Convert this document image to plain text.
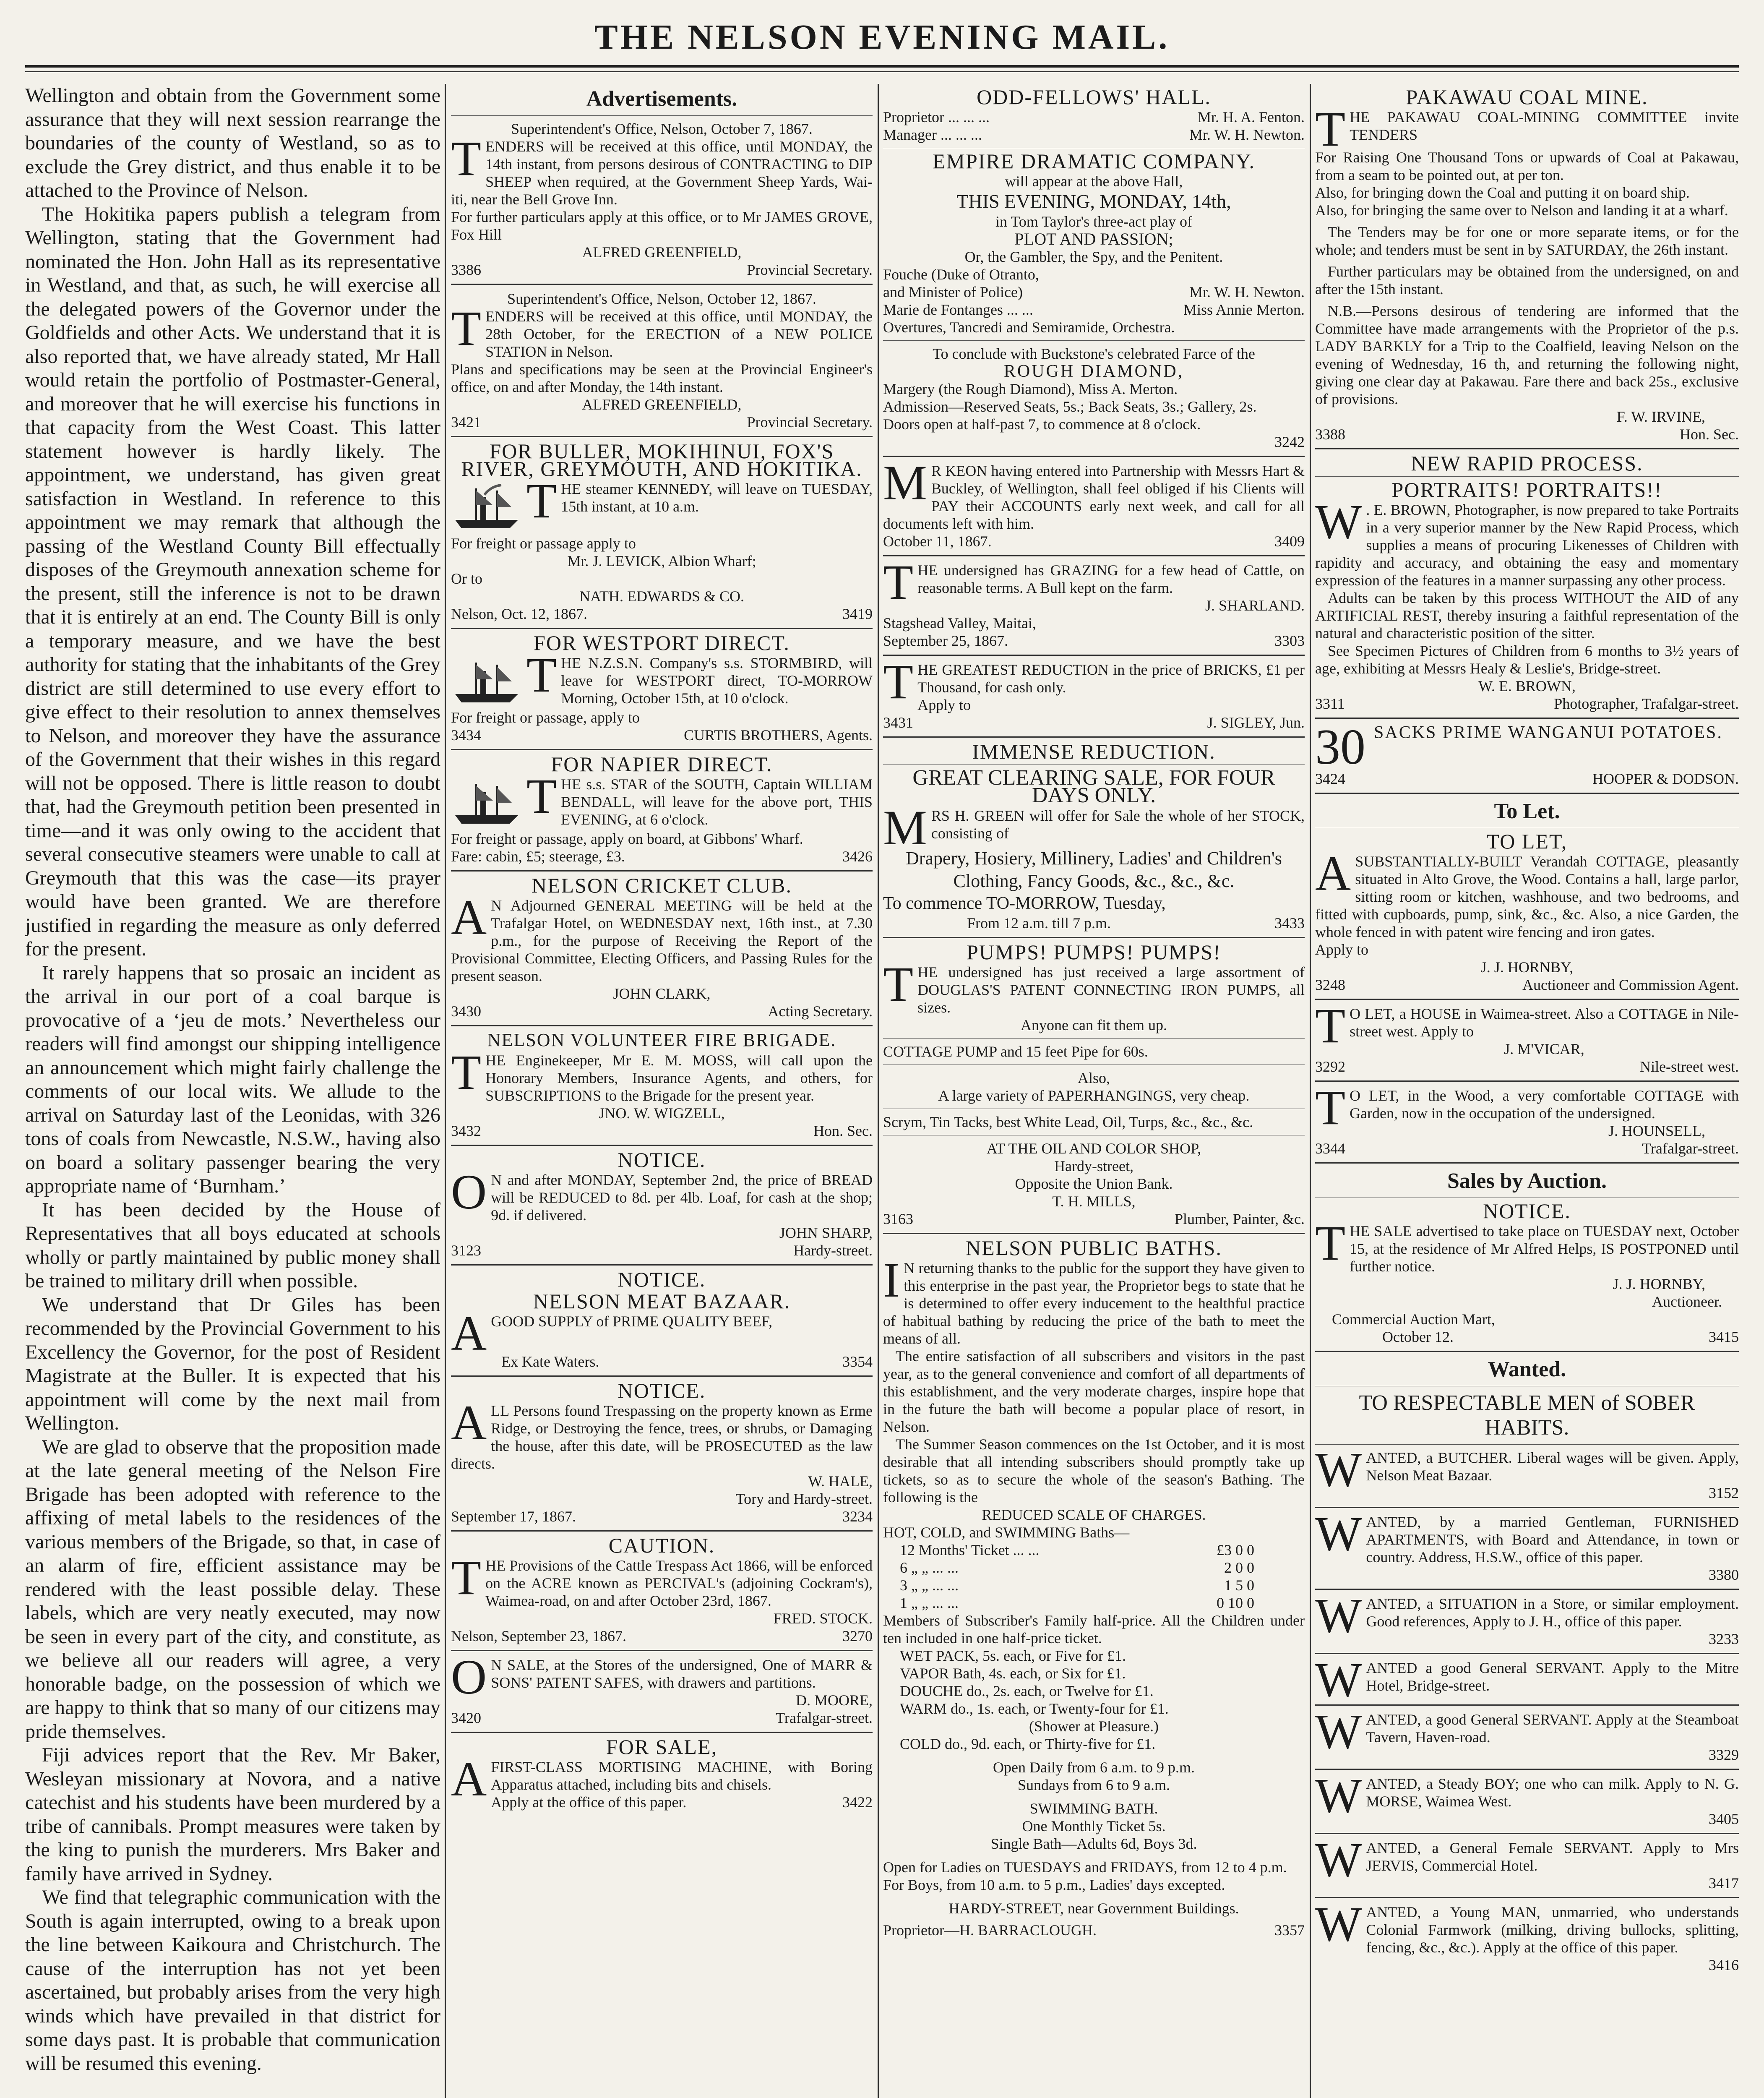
THE NELSON EVENING MAIL.

Wellington and obtain from the Government some assurance that they will next session rearrange the boundaries of the county of Westland, so as to exclude the Grey district, and thus enable it to be attached to the Province of Nelson.

The Hokitika papers publish a telegram from Wellington, stating that the Government had nominated the Hon. John Hall as its representative in Westland, and that, as such, he will exercise all the delegated powers of the Governor under the Goldfields and other Acts. We understand that it is also reported that, we have already stated, Mr Hall would retain the portfolio of Postmaster-General, and moreover that he will exercise his functions in that capacity from the West Coast. This latter statement however is hardly likely. The appointment, we understand, has given great satisfaction in Westland. In reference to this appointment we may remark that although the passing of the Westland County Bill effectually disposes of the Greymouth annexation scheme for the present, still the inference is not to be drawn that it is entirely at an end. The County Bill is only a temporary measure, and we have the best authority for stating that the inhabitants of the Grey district are still determined to use every effort to give effect to their resolution to annex themselves to Nelson, and moreover they have the assurance of the Government that their wishes in this regard will not be opposed. There is little reason to doubt that, had the Greymouth petition been presented in time—and it was only owing to the accident that several consecutive steamers were unable to call at Greymouth that this was the case—its prayer would have been granted. We are therefore justified in regarding the measure as only deferred for the present.

It rarely happens that so prosaic an incident as the arrival in our port of a coal barque is provocative of a ‘jeu de mots.’ Nevertheless our readers will find amongst our shipping intelligence an announcement which might fairly challenge the comments of our local wits. We allude to the arrival on Saturday last of the Leonidas, with 326 tons of coals from Newcastle, N.S.W., having also on board a solitary passenger bearing the very appropriate name of ‘Burnham.’

It has been decided by the House of Representatives that all boys educated at schools wholly or partly maintained by public money shall be trained to military drill when possible.

We understand that Dr Giles has been recommended by the Provincial Government to his Excellency the Governor, for the post of Resident Magistrate at the Buller. It is expected that his appointment will come by the next mail from Wellington.

We are glad to observe that the proposition made at the late general meeting of the Nelson Fire Brigade has been adopted with reference to the affixing of metal labels to the residences of the various members of the Brigade, so that, in case of an alarm of fire, efficient assistance may be rendered with the least possible delay. These labels, which are very neatly executed, may now be seen in every part of the city, and constitute, as we believe all our readers will agree, a very honorable badge, on the possession of which we are happy to think that so many of our citizens may pride themselves.

Fiji advices report that the Rev. Mr Baker, Wesleyan missionary at Novora, and a native catechist and his students have been murdered by a tribe of cannibals. Prompt measures were taken by the king to punish the murderers. Mrs Baker and family have arrived in Sydney.

We find that telegraphic communication with the South is again interrupted, owing to a break upon the line between Kaikoura and Christchurch. The cause of the interruption has not yet been ascertained, but probably arises from the very high winds which have prevailed in that district for some days past. It is probable that communication will be resumed this evening.

Advertisements.

Superintendent's Office, Nelson, October 7, 1867.

TENDERS will be received at this office, until MONDAY, the 14th instant, from persons desirous of CONTRACTING to DIP SHEEP when required, at the Government Sheep Yards, Wai-iti, near the Bell Grove Inn.

For further particulars apply at this office, or to Mr JAMES GROVE, Fox Hill

ALFRED GREENFIELD,

3386	Provincial Secretary.

Superintendent's Office, Nelson, October 12, 1867.

TENDERS will be received at this office, until MONDAY, the 28th October, for the ERECTION of a NEW POLICE STATION in Nelson.

Plans and specifications may be seen at the Provincial Engineer's office, on and after Monday, the 14th instant.

ALFRED GREENFIELD,

3421	Provincial Secretary.
FOR BULLER, MOKIHINUI, FOX'S RIVER, GREYMOUTH, AND HOKITIKA.

THE steamer KENNEDY, will leave on TUESDAY, 15th instant, at 10 a.m.

For freight or passage apply to

Mr. J. LEVICK, Albion Wharf;

Or to

NATH. EDWARDS & CO.

Nelson, Oct. 12, 1867.	3419
FOR WESTPORT DIRECT.

THE N.Z.S.N. Company's s.s. STORMBIRD, will leave for WESTPORT direct, TO-MORROW Morning, October 15th, at 10 o'clock.

For freight or passage, apply to

3434	CURTIS BROTHERS, Agents.
FOR NAPIER DIRECT.

THE s.s. STAR of the SOUTH, Captain WILLIAM BENDALL, will leave for the above port, THIS EVENING, at 6 o'clock.

For freight or passage, apply on board, at Gibbons' Wharf.

Fare: cabin, £5; steerage, £3.	3426
NELSON CRICKET CLUB.

A N Adjourned GENERAL MEETING will be held at the Trafalgar Hotel, on WEDNESDAY next, 16th inst., at 7.30 p.m., for the purpose of Receiving the Report of the Provisional Committee, Electing Officers, and Passing Rules for the present season.

JOHN CLARK,

3430	Acting Secretary.
NELSON VOLUNTEER FIRE BRIGADE.

THE Enginekeeper, Mr E. M. MOSS, will call upon the Honorary Members, Insurance Agents, and others, for SUBSCRIPTIONS to the Brigade for the present year.

JNO. W. WIGZELL,

3432	Hon. Sec.
NOTICE.

O N and after MONDAY, September 2nd, the price of BREAD will be REDUCED to 8d. per 4lb. Loaf, for cash at the shop; 9d. if delivered.

JOHN SHARP,

3123	Hardy-street.
NOTICE.
NELSON MEAT BAZAAR.

AGOOD SUPPLY of PRIME QUALITY BEEF,

Ex Kate Waters.	3354
NOTICE.

ALL Persons found Trespassing on the property known as Erme Ridge, or Destroying the fence, trees, or shrubs, or Damaging the house, after this date, will be PROSECUTED as the law directs.

W. HALE,

Tory and Hardy-street.

September 17, 1867.	3234
CAUTION.

THE Provisions of the Cattle Trespass Act 1866, will be enforced on the ACRE known as PERCIVAL's (adjoining Cockram's), Waimea-road, on and after October 23rd, 1867.

FRED. STOCK.

Nelson, September 23, 1867.	3270

O N SALE, at the Stores of the undersigned, One of MARR & SONS' PATENT SAFES, with drawers and partitions.

D. MOORE,

3420	Trafalgar-street.
FOR SALE,

AFIRST-CLASS MORTISING MACHINE, with Boring Apparatus attached, including bits and chisels.

Apply at the office of this paper.	3422
ODD-FELLOWS' HALL.
Proprietor ... ... ...	Mr. H. A. Fenton.
Manager ... ... ...	Mr. W. H. Newton.
EMPIRE DRAMATIC COMPANY.

will appear at the above Hall,

THIS EVENING, MONDAY, 14th,

in Tom Taylor's three-act play of

PLOT AND PASSION;

Or, the Gambler, the Spy, and the Penitent.

Fouche (Duke of Otranto,
and Minister of Police)	Mr. W. H. Newton.
Marie de Fontanges ... ...	Miss Annie Merton.

Overtures, Tancredi and Semiramide, Orchestra.

To conclude with Buckstone's celebrated Farce of the

ROUGH DIAMOND,

Margery (the Rough Diamond), Miss A. Merton.

Admission—Reserved Seats, 5s.; Back Seats, 3s.; Gallery, 2s.

Doors open at half-past 7, to commence at 8 o'clock.

3242

M R KEON having entered into Partnership with Messrs Hart & Buckley, of Wellington, shall feel obliged if his Clients will PAY their ACCOUNTS early next week, and call for all documents left with him.

October 11, 1867.	3409

THE undersigned has GRAZING for a few head of Cattle, on reasonable terms. A Bull kept on the farm.

J. SHARLAND.

Stagshead Valley, Maitai,

September 25, 1867.	3303

THE GREATEST REDUCTION in the price of BRICKS, £1 per Thousand, for cash only.

Apply to

3431	J. SIGLEY, Jun.
IMMENSE REDUCTION.
GREAT CLEARING SALE, FOR FOUR DAYS ONLY.

MRS H. GREEN will offer for Sale the whole of her STOCK, consisting of

Drapery, Hosiery, Millinery, Ladies' and Children's Clothing, Fancy Goods, &c., &c., &c.

To commence TO-MORROW, Tuesday,

From 12 a.m. till 7 p.m.	3433
PUMPS! PUMPS! PUMPS!

THE undersigned has just received a large assortment of DOUGLAS'S PATENT CONNECTING IRON PUMPS, all sizes.

Anyone can fit them up.

COTTAGE PUMP and 15 feet Pipe for 60s.

Also,

A large variety of PAPERHANGINGS, very cheap.

Scrym, Tin Tacks, best White Lead, Oil, Turps, &c., &c., &c.

AT THE OIL AND COLOR SHOP,

Hardy-street,

Opposite the Union Bank.

T. H. MILLS,

3163	Plumber, Painter, &c.
NELSON PUBLIC BATHS.

I N returning thanks to the public for the support they have given to this enterprise in the past year, the Proprietor begs to state that he is determined to offer every inducement to the healthful practice of habitual bathing by reducing the price of the bath to meet the means of all.

The entire satisfaction of all subscribers and visitors in the past year, as to the general convenience and comfort of all departments of this establishment, and the very moderate charges, inspire hope that in the future the bath will become a popular place of resort, in Nelson.

The Summer Season commences on the 1st October, and it is most desirable that all intending subscribers should promptly take up tickets, so as to secure the whole of the season's Bathing. The following is the

REDUCED SCALE OF CHARGES.

HOT, COLD, and SWIMMING Baths—

12 Months' Ticket ... ...	£3 0 0
6 „ „ ... ...	2 0 0
3 „ „ ... ...	1 5 0
1 „ „ ... ...	0 10 0

Members of Subscriber's Family half-price. All the Children under ten included in one half-price ticket.

WET PACK, 5s. each, or Five for £1.

VAPOR Bath, 4s. each, or Six for £1.

DOUCHE do., 2s. each, or Twelve for £1.

WARM do., 1s. each, or Twenty-four for £1.

(Shower at Pleasure.)

COLD do., 9d. each, or Thirty-five for £1.

Open Daily from 6 a.m. to 9 p.m.

Sundays from 6 to 9 a.m.

SWIMMING BATH.

One Monthly Ticket 5s.

Single Bath—Adults 6d, Boys 3d.

Open for Ladies on TUESDAYS and FRIDAYS, from 12 to 4 p.m.

For Boys, from 10 a.m. to 5 p.m., Ladies' days excepted.

HARDY-STREET, near Government Buildings.

Proprietor—H. BARRACLOUGH.	3357
PAKAWAU COAL MINE.

THE PAKAWAU COAL-MINING COMMITTEE invite TENDERS

For Raising One Thousand Tons or upwards of Coal at Pakawau, from a seam to be pointed out, at per ton.

Also, for bringing down the Coal and putting it on board ship.

Also, for bringing the same over to Nelson and landing it at a wharf.

The Tenders may be for one or more separate items, or for the whole; and tenders must be sent in by SATURDAY, the 26th instant.

Further particulars may be obtained from the undersigned, on and after the 15th instant.

N.B.—Persons desirous of tendering are informed that the Committee have made arrangements with the Proprietor of the p.s. LADY BARKLY for a Trip to the Coalfield, leaving Nelson on the evening of Wednesday, 16 th, and returning the following night, giving one clear day at Pakawau. Fare there and back 25s., exclusive of provisions.

F. W. IRVINE,

3388	Hon. Sec.
NEW RAPID PROCESS.
PORTRAITS! PORTRAITS!!

W . E. BROWN, Photographer, is now prepared to take Portraits in a very superior manner by the New Rapid Process, which supplies a means of procuring Likenesses of Children with rapidity and accuracy, and obtaining the easy and momentary expression of the features in a manner surpassing any other process.

Adults can be taken by this process WITHOUT the AID of any ARTIFICIAL REST, thereby insuring a faithful representation of the natural and characteristic position of the sitter.

See Specimen Pictures of Children from 6 months to 3½ years of age, exhibiting at Messrs Healy & Leslie's, Bridge-street.

W. E. BROWN,

3311	Photographer, Trafalgar-street.

30 SACKS PRIME WANGANUI POTATOES.

3424	HOOPER & DODSON.
To Let.
TO LET,

ASUBSTANTIALLY-BUILT Verandah COTTAGE, pleasantly situated in Alto Grove, the Wood. Contains a hall, large parlor, sitting room or kitchen, washhouse, and two bedrooms, and fitted with cupboards, pump, sink, &c., &c. Also, a nice Garden, the whole fenced in with patent wire fencing and iron gates.

Apply to

J. J. HORNBY,

3248	Auctioneer and Commission Agent.

T O LET, a HOUSE in Waimea-street. Also a COTTAGE in Nile-street west. Apply to

J. M'VICAR,

3292	Nile-street west.

T O LET, in the Wood, a very comfortable COTTAGE with Garden, now in the occupation of the undersigned.

J. HOUNSELL,

3344	Trafalgar-street.
Sales by Auction.
NOTICE.

THE SALE advertised to take place on TUESDAY next, October 15, at the residence of Mr Alfred Helps, IS POSTPONED until further notice.

J. J. HORNBY,

Auctioneer.

Commercial Auction Mart,

October 12.	3415
Wanted.
TO RESPECTABLE MEN of SOBER HABITS.

WANTED, a BUTCHER. Liberal wages will be given. Apply, Nelson Meat Bazaar.

3152

WANTED, by a married Gentleman, FURNISHED APARTMENTS, with Board and Attendance, in town or country. Address, H.S.W., office of this paper.

3380

WANTED, a SITUATION in a Store, or similar employment. Good references, Apply to J. H., office of this paper.

3233

WANTED a good General SERVANT. Apply to the Mitre Hotel, Bridge-street.

WANTED, a good General SERVANT. Apply at the Steamboat Tavern, Haven-road.

3329

WANTED, a Steady BOY; one who can milk. Apply to N. G. MORSE, Waimea West.

3405

WANTED, a General Female SERVANT. Apply to Mrs JERVIS, Commercial Hotel.

3417

WANTED, a Young MAN, unmarried, who understands Colonial Farmwork (milking, driving bullocks, splitting, fencing, &c., &c.). Apply at the office of this paper.

3416
